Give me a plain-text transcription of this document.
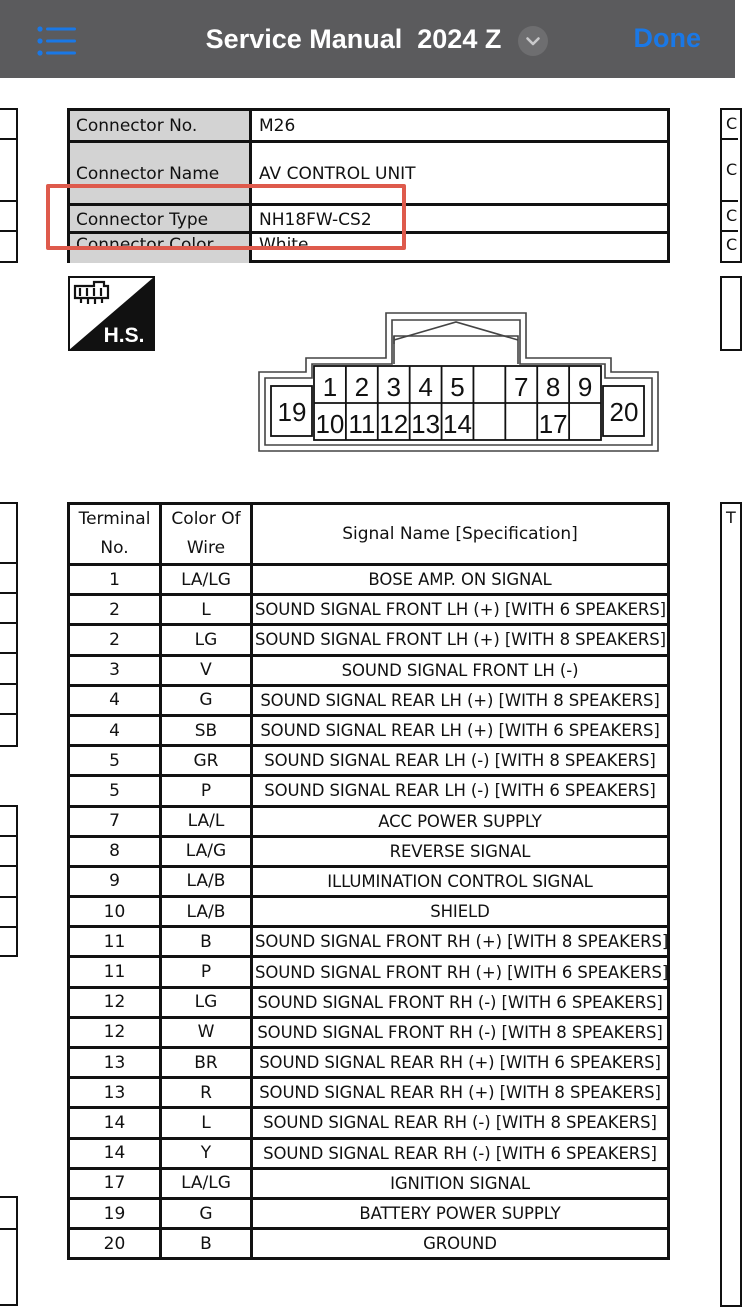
Service Manual  2024 Z	Done
C
C
C
C
T
Connector No.	M26
Connector Name	AV CONTROL UNIT
Connector Type	NH18FW-CS2
Connector Color	White
H.S.
1 2 3 4 5 7 8 9
10 11 12 13 14	17
19	20
Terminal No.	Color Of Wire	Signal Name [Specification]
1	LA/LG	BOSE AMP. ON SIGNAL
2	L	SOUND SIGNAL FRONT LH (+) [WITH 6 SPEAKERS]
2	LG	SOUND SIGNAL FRONT LH (+) [WITH 8 SPEAKERS]
3	V	SOUND SIGNAL FRONT LH (-)
4	G	SOUND SIGNAL REAR LH (+) [WITH 8 SPEAKERS]
4	SB	SOUND SIGNAL REAR LH (+) [WITH 6 SPEAKERS]
5	GR	SOUND SIGNAL REAR LH (-) [WITH 8 SPEAKERS]
5	P	SOUND SIGNAL REAR LH (-) [WITH 6 SPEAKERS]
7	LA/L	ACC POWER SUPPLY
8	LA/G	REVERSE SIGNAL
9	LA/B	ILLUMINATION CONTROL SIGNAL
10	LA/B	SHIELD
11	B	SOUND SIGNAL FRONT RH (+) [WITH 8 SPEAKERS]
11	P	SOUND SIGNAL FRONT RH (+) [WITH 6 SPEAKERS]
12	LG	SOUND SIGNAL FRONT RH (-) [WITH 6 SPEAKERS]
12	W	SOUND SIGNAL FRONT RH (-) [WITH 8 SPEAKERS]
13	BR	SOUND SIGNAL REAR RH (+) [WITH 6 SPEAKERS]
13	R	SOUND SIGNAL REAR RH (+) [WITH 8 SPEAKERS]
14	L	SOUND SIGNAL REAR RH (-) [WITH 8 SPEAKERS]
14	Y	SOUND SIGNAL REAR RH (-) [WITH 6 SPEAKERS]
17	LA/LG	IGNITION SIGNAL
19	G	BATTERY POWER SUPPLY
20	B	GROUND
